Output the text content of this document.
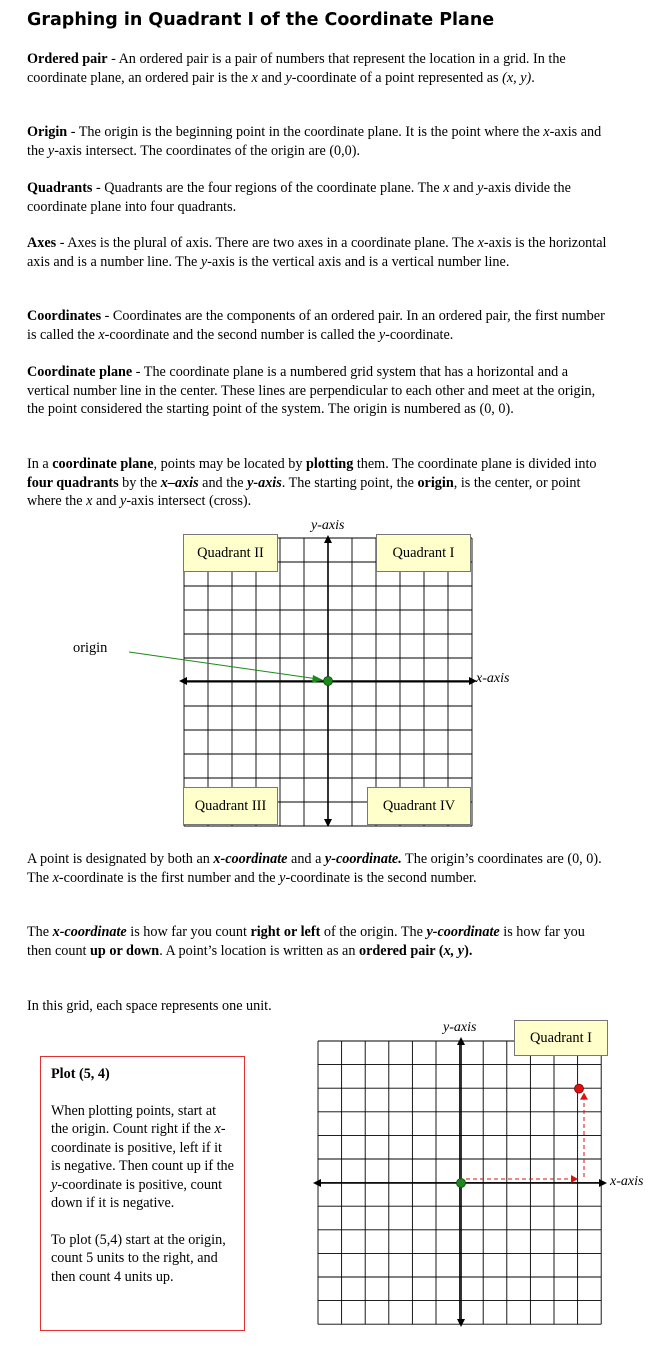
Graphing in Quadrant I of the Coordinate Plane

Ordered pair - An ordered pair is a pair of numbers that represent the location in a grid. In the coordinate plane, an ordered pair is the x and y-coordinate of a point represented as (x, y).

Origin - The origin is the beginning point in the coordinate plane. It is the point where the x-axis and the y-axis intersect. The coordinates of the origin are (0,0).

Quadrants - Quadrants are the four regions of the coordinate plane. The x and y-axis divide the coordinate plane into four quadrants.

Axes - Axes is the plural of axis. There are two axes in a coordinate plane. The x-axis is the horizontal axis and is a number line. The y-axis is the vertical axis and is a vertical number line.

Coordinates - Coordinates are the components of an ordered pair. In an ordered pair, the first number is called the x-coordinate and the second number is called the y-coordinate.

Coordinate plane - The coordinate plane is a numbered grid system that has a horizontal and a vertical number line in the center. These lines are perpendicular to each other and meet at the origin, the point considered the starting point of the system. The origin is numbered as (0, 0).

In a coordinate plane, points may be located by plotting them. The coordinate plane is divided into four quadrants by the x–axis and the y-axis. The starting point, the origin, is the center, or point where the x and y-axis intersect (cross).

y-axis
x-axis
origin
Quadrant II	Quadrant I
Quadrant III	Quadrant IV

A point is designated by both an x-coordinate and a y-coordinate. The origin’s coordinates are (0, 0). The x-coordinate is the first number and the y-coordinate is the second number.

The x-coordinate is how far you count right or left of the origin. The y-coordinate is how far you then count up or down. A point’s location is written as an ordered pair (x, y).

In this grid, each space represents one unit.

Plot (5, 4)

When plotting points, start at the origin. Count right if the x-coordinate is positive, left if it is negative. Then count up if the y-coordinate is positive, count down if it is negative.

To plot (5,4) start at the origin, count 5 units to the right, and then count 4 units up.

y-axis
x-axis
Quadrant I
